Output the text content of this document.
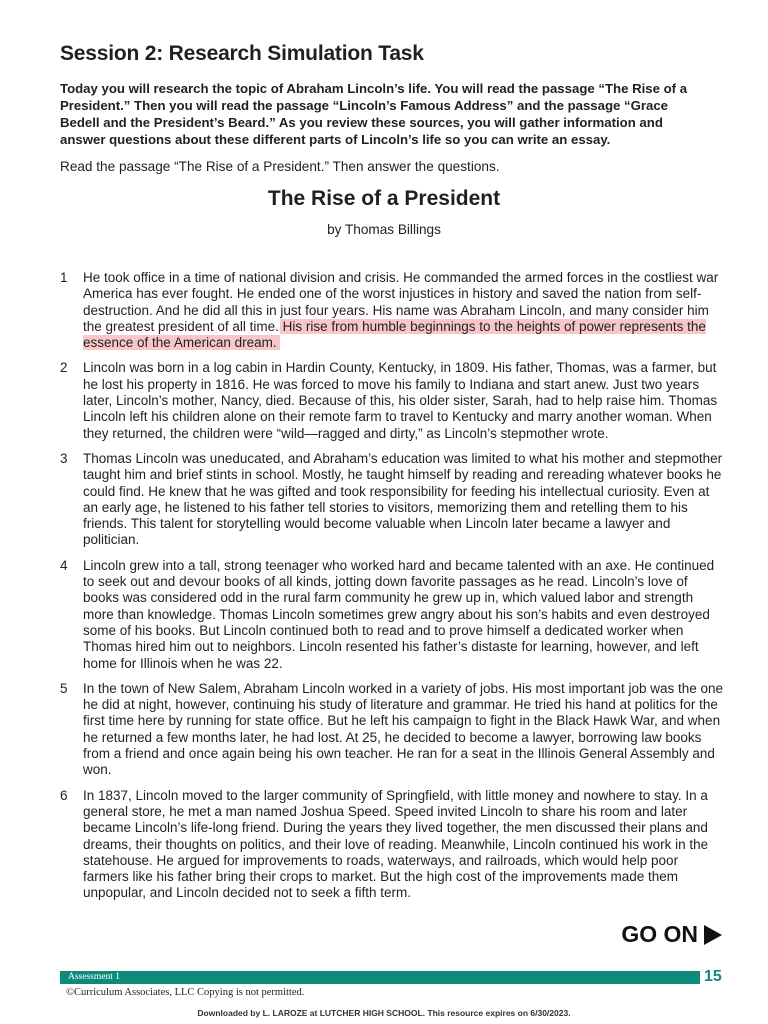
Session 2: Research Simulation Task
Today you will research the topic of Abraham Lincoln’s life. You will read the passage “The Rise of a President.” Then you will read the passage “Lincoln’s Famous Address” and the passage “Grace Bedell and the President’s Beard.” As you review these sources, you will gather information and answer questions about these different parts of Lincoln’s life so you can write an essay.
Read the passage “The Rise of a President.” Then answer the questions.
The Rise of a President
by Thomas Billings
1	He took office in a time of national division and crisis. He commanded the armed forces in the costliest war America has ever fought. He ended one of the worst injustices in history and saved the nation from self-destruction. And he did all this in just four years. His name was Abraham Lincoln, and many consider him the greatest president of all time. His rise from humble beginnings to the heights of power represents the essence of the American dream.
2	Lincoln was born in a log cabin in Hardin County, Kentucky, in 1809. His father, Thomas, was a farmer, but he lost his property in 1816. He was forced to move his family to Indiana and start anew. Just two years later, Lincoln’s mother, Nancy, died. Because of this, his older sister, Sarah, had to help raise him. Thomas Lincoln left his children alone on their remote farm to travel to Kentucky and marry another woman. When they returned, the children were “wild—ragged and dirty,” as Lincoln’s stepmother wrote.
3	Thomas Lincoln was uneducated, and Abraham’s education was limited to what his mother and stepmother taught him and brief stints in school. Mostly, he taught himself by reading and rereading whatever books he could find. He knew that he was gifted and took responsibility for feeding his intellectual curiosity. Even at an early age, he listened to his father tell stories to visitors, memorizing them and retelling them to his friends. This talent for storytelling would become valuable when Lincoln later became a lawyer and politician.
4	Lincoln grew into a tall, strong teenager who worked hard and became talented with an axe. He continued to seek out and devour books of all kinds, jotting down favorite passages as he read. Lincoln’s love of books was considered odd in the rural farm community he grew up in, which valued labor and strength more than knowledge. Thomas Lincoln sometimes grew angry about his son’s habits and even destroyed some of his books. But Lincoln continued both to read and to prove himself a dedicated worker when Thomas hired him out to neighbors. Lincoln resented his father’s distaste for learning, however, and left home for Illinois when he was 22.
5	In the town of New Salem, Abraham Lincoln worked in a variety of jobs. His most important job was the one he did at night, however, continuing his study of literature and grammar. He tried his hand at politics for the first time here by running for state office. But he left his campaign to fight in the Black Hawk War, and when he returned a few months later, he had lost. At 25, he decided to become a lawyer, borrowing law books from a friend and once again being his own teacher. He ran for a seat in the Illinois General Assembly and won.
6	In 1837, Lincoln moved to the larger community of Springfield, with little money and nowhere to stay. In a general store, he met a man named Joshua Speed. Speed invited Lincoln to share his room and later became Lincoln’s life-long friend. During the years they lived together, the men discussed their plans and dreams, their thoughts on politics, and their love of reading. Meanwhile, Lincoln continued his work in the statehouse. He argued for improvements to roads, waterways, and railroads, which would help poor farmers like his father bring their crops to market. But the high cost of the improvements made them unpopular, and Lincoln decided not to seek a fifth term.
GO ON
Assessment 1	15
©Curriculum Associates, LLC Copying is not permitted.
Downloaded by L. LAROZE at LUTCHER HIGH SCHOOL. This resource expires on 6/30/2023.
